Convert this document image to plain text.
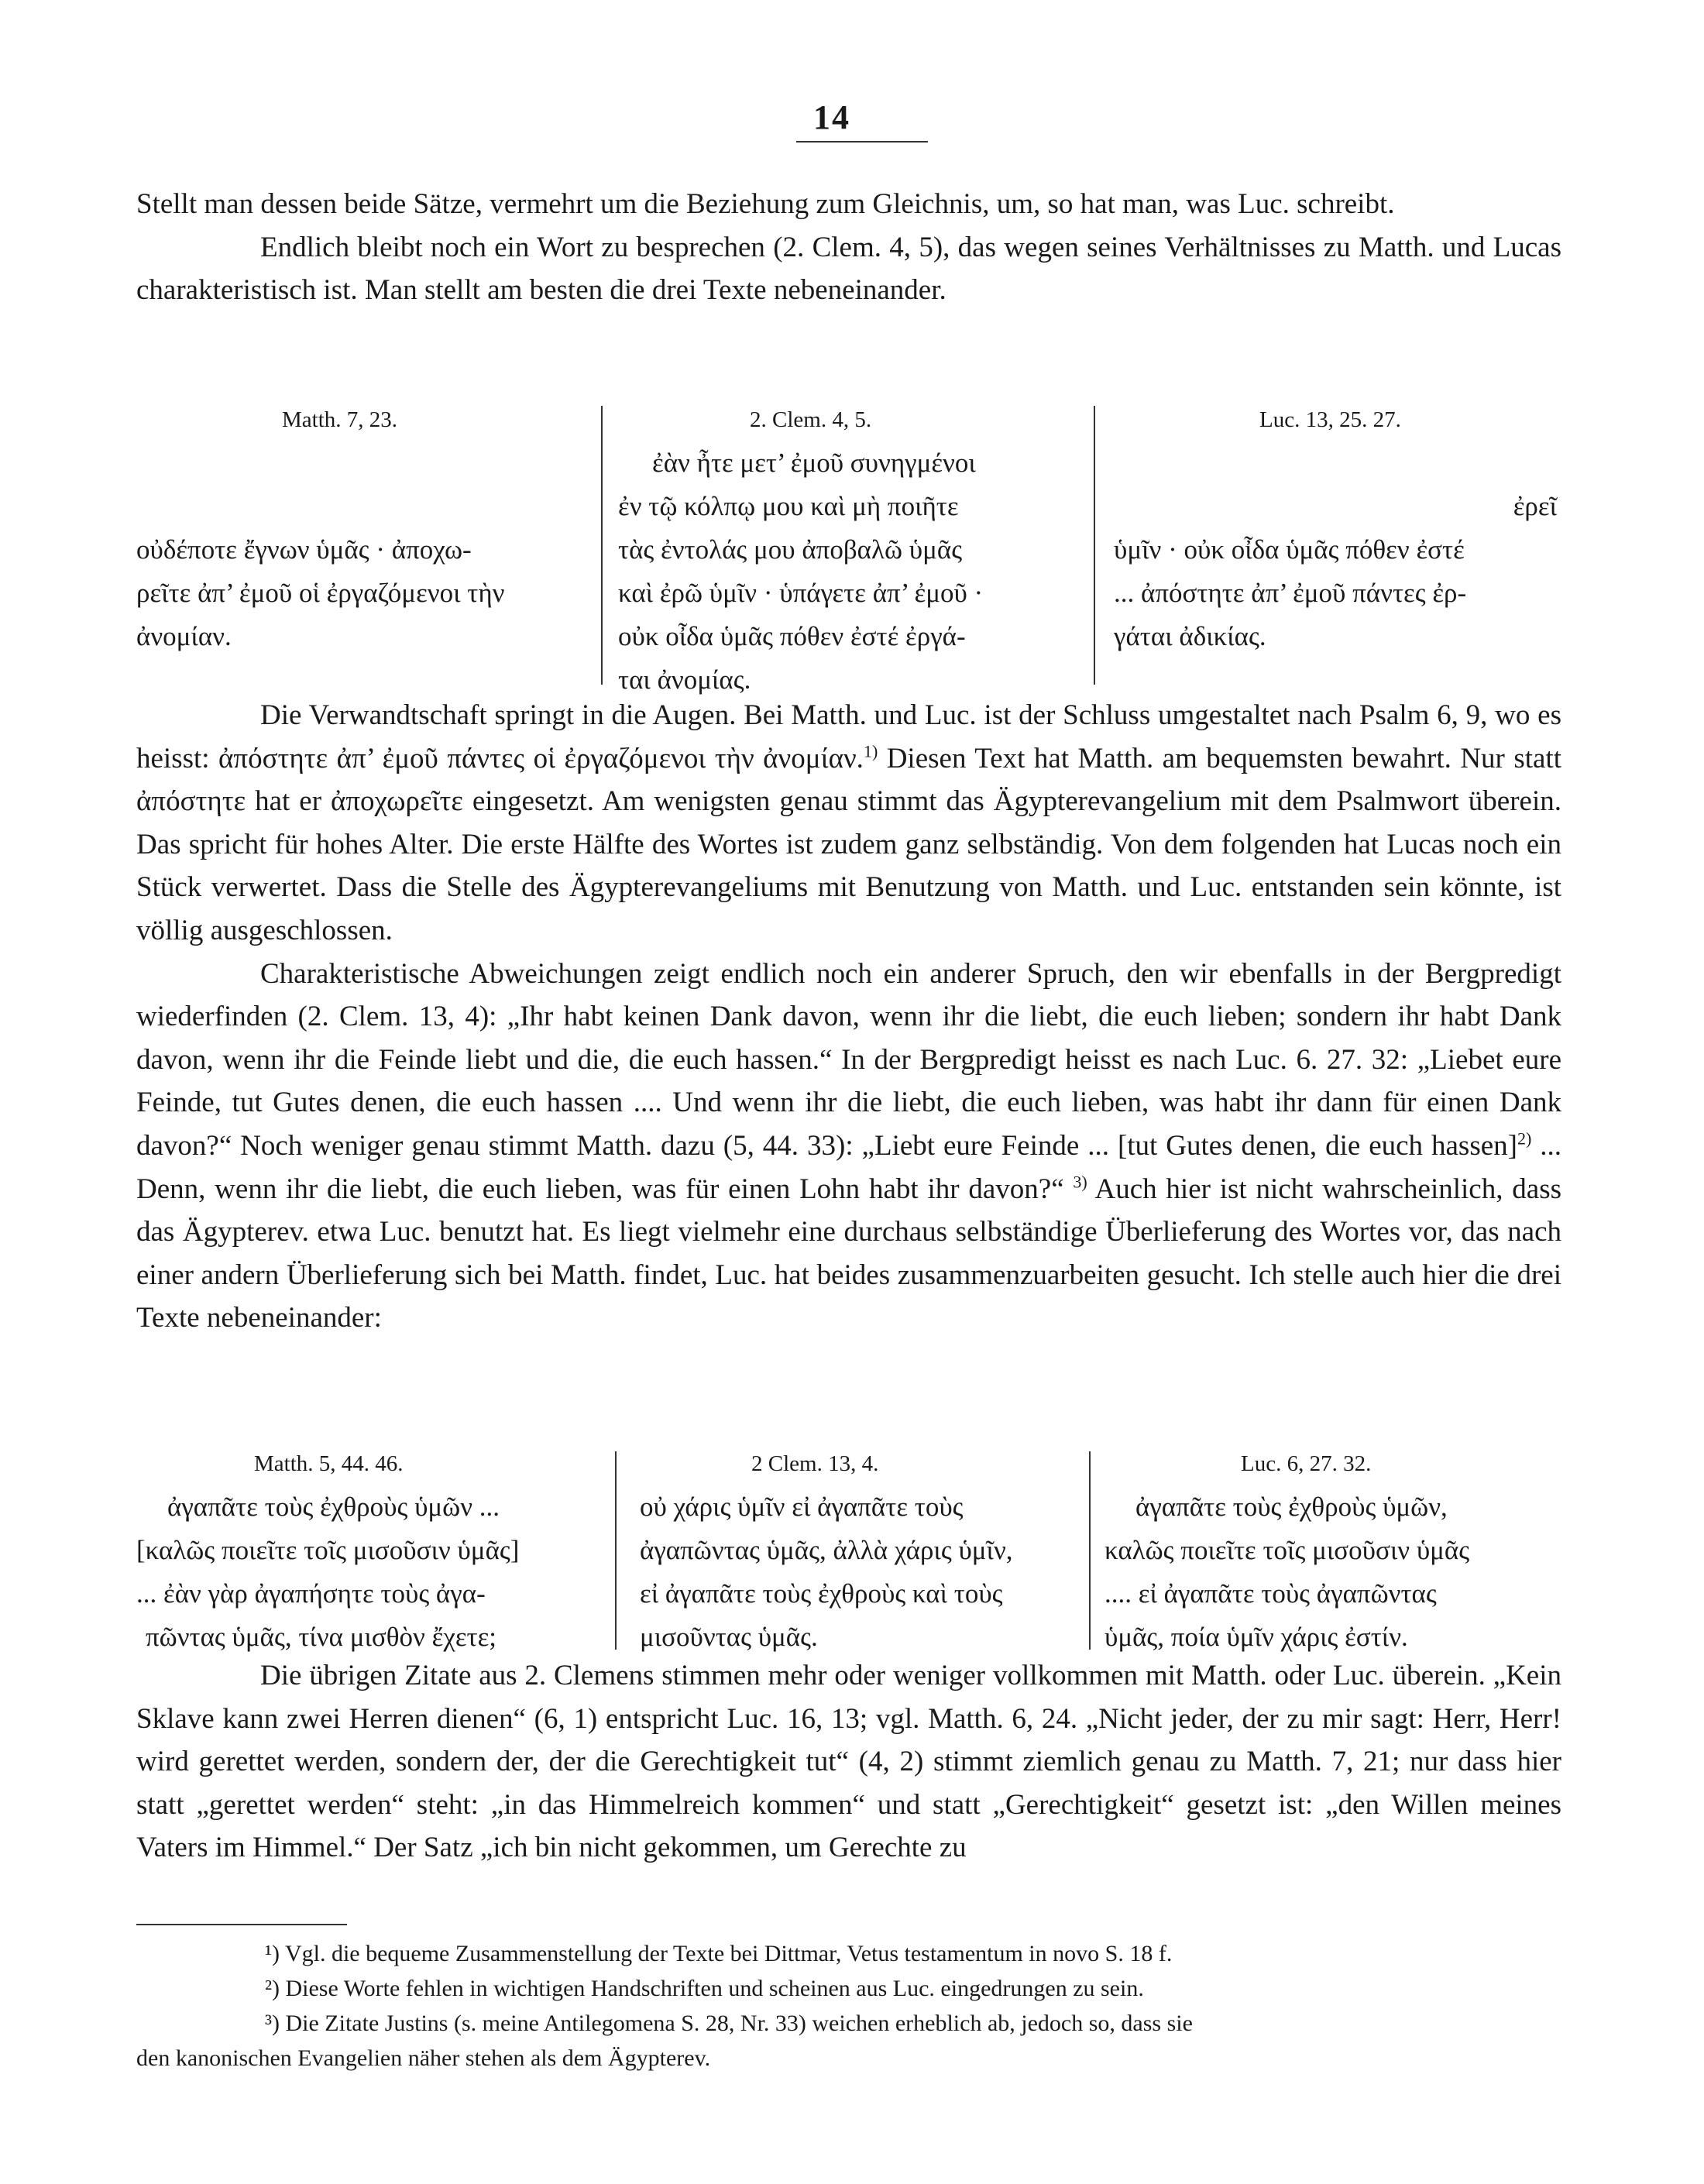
14

Stellt man dessen beide Sätze, vermehrt um die Beziehung zum Gleichnis, um, so hat man, was Luc. schreibt.

Endlich bleibt noch ein Wort zu besprechen (2. Clem. 4, 5), das wegen seines Verhältnisses zu Matth. und Lucas charakteristisch ist. Man stellt am besten die drei Texte nebeneinander.

Matth. 7, 23.
οὐδέποτε ἔγνων ὑμᾶς · ἀποχω-
ρεῖτε ἀπ’ ἐμοῦ οἱ ἐργαζόμενοι τὴν
ἀνομίαν.
2. Clem. 4, 5.
ἐὰν ἦτε μετ’ ἐμοῦ συνηγμένοι
ἐν τῷ κόλπῳ μου καὶ μὴ ποιῆτε
τὰς ἐντολάς μου ἀποβαλῶ ὑμᾶς
καὶ ἐρῶ ὑμῖν · ὑπάγετε ἀπ’ ἐμοῦ ·
οὐκ οἶδα ὑμᾶς πόθεν ἐστέ ἐργά-
ται ἀνομίας.
Luc. 13, 25. 27.
ἐρεῖ
ὑμῖν · οὐκ οἶδα ὑμᾶς πόθεν ἐστέ
... ἀπόστητε ἀπ’ ἐμοῦ πάντες ἐρ-
γάται ἀδικίας.

Die Verwandtschaft springt in die Augen. Bei Matth. und Luc. ist der Schluss umgestaltet nach Psalm 6, 9, wo es heisst: ἀπόστητε ἀπ’ ἐμοῦ πάντες οἱ ἐργαζόμενοι τὴν ἀνομίαν.$^{1)}$ Diesen Text hat Matth. am bequemsten bewahrt. Nur statt ἀπόστητε hat er ἀποχωρεῖτε eingesetzt. Am wenigsten genau stimmt das Ägypterevangelium mit dem Psalmwort überein. Das spricht für hohes Alter. Die erste Hälfte des Wortes ist zudem ganz selbständig. Von dem folgenden hat Lucas noch ein Stück verwertet. Dass die Stelle des Ägypterevangeliums mit Benutzung von Matth. und Luc. entstanden sein könnte, ist völlig ausgeschlossen.

Charakteristische Abweichungen zeigt endlich noch ein anderer Spruch, den wir ebenfalls in der Bergpredigt wiederfinden (2. Clem. 13, 4): „Ihr habt keinen Dank davon, wenn ihr die liebt, die euch lieben; sondern ihr habt Dank davon, wenn ihr die Feinde liebt und die, die euch hassen.“ In der Bergpredigt heisst es nach Luc. 6. 27. 32: „Liebet eure Feinde, tut Gutes denen, die euch hassen .... Und wenn ihr die liebt, die euch lieben, was habt ihr dann für einen Dank davon?“ Noch weniger genau stimmt Matth. dazu (5, 44. 33): „Liebt eure Feinde ... [tut Gutes denen, die euch hassen]$^{2)}$ ... Denn, wenn ihr die liebt, die euch lieben, was für einen Lohn habt ihr davon?“ $^{3)}$ Auch hier ist nicht wahrscheinlich, dass das Ägypterev. etwa Luc. benutzt hat. Es liegt vielmehr eine durchaus selbständige Überlieferung des Wortes vor, das nach einer andern Überlieferung sich bei Matth. findet, Luc. hat beides zusammenzuarbeiten gesucht. Ich stelle auch hier die drei Texte nebeneinander:

Matth. 5, 44. 46.
ἀγαπᾶτε τοὺς ἐχθροὺς ὑμῶν ...
[καλῶς ποιεῖτε τοῖς μισοῦσιν ὑμᾶς]
... ἐὰν γὰρ ἀγαπήσητε τοὺς ἀγα-
πῶντας ὑμᾶς, τίνα μισθὸν ἔχετε;
2 Clem. 13, 4.
οὐ χάρις ὑμῖν εἰ ἀγαπᾶτε τοὺς
ἀγαπῶντας ὑμᾶς, ἀλλὰ χάρις ὑμῖν,
εἰ ἀγαπᾶτε τοὺς ἐχθροὺς καὶ τοὺς
μισοῦντας ὑμᾶς.
Luc. 6, 27. 32.
ἀγαπᾶτε τοὺς ἐχθροὺς ὑμῶν,
καλῶς ποιεῖτε τοῖς μισοῦσιν ὑμᾶς
.... εἰ ἀγαπᾶτε τοὺς ἀγαπῶντας
ὑμᾶς, ποία ὑμῖν χάρις ἐστίν.

Die übrigen Zitate aus 2. Clemens stimmen mehr oder weniger vollkommen mit Matth. oder Luc. überein. „Kein Sklave kann zwei Herren dienen“ (6, 1) entspricht Luc. 16, 13; vgl. Matth. 6, 24. „Nicht jeder, der zu mir sagt: Herr, Herr! wird gerettet werden, sondern der, der die Gerechtigkeit tut“ (4, 2) stimmt ziemlich genau zu Matth. 7, 21; nur dass hier statt „gerettet werden“ steht: „in das Himmelreich kommen“ und statt „Gerechtigkeit“ gesetzt ist: „den Willen meines Vaters im Himmel.“ Der Satz „ich bin nicht gekommen, um Gerechte zu

¹) Vgl. die bequeme Zusammenstellung der Texte bei Dittmar, Vetus testamentum in novo S. 18 f.

²) Diese Worte fehlen in wichtigen Handschriften und scheinen aus Luc. eingedrungen zu sein.

³) Die Zitate Justins (s. meine Antilegomena S. 28, Nr. 33) weichen erheblich ab, jedoch so, dass sie

den kanonischen Evangelien näher stehen als dem Ägypterev.
